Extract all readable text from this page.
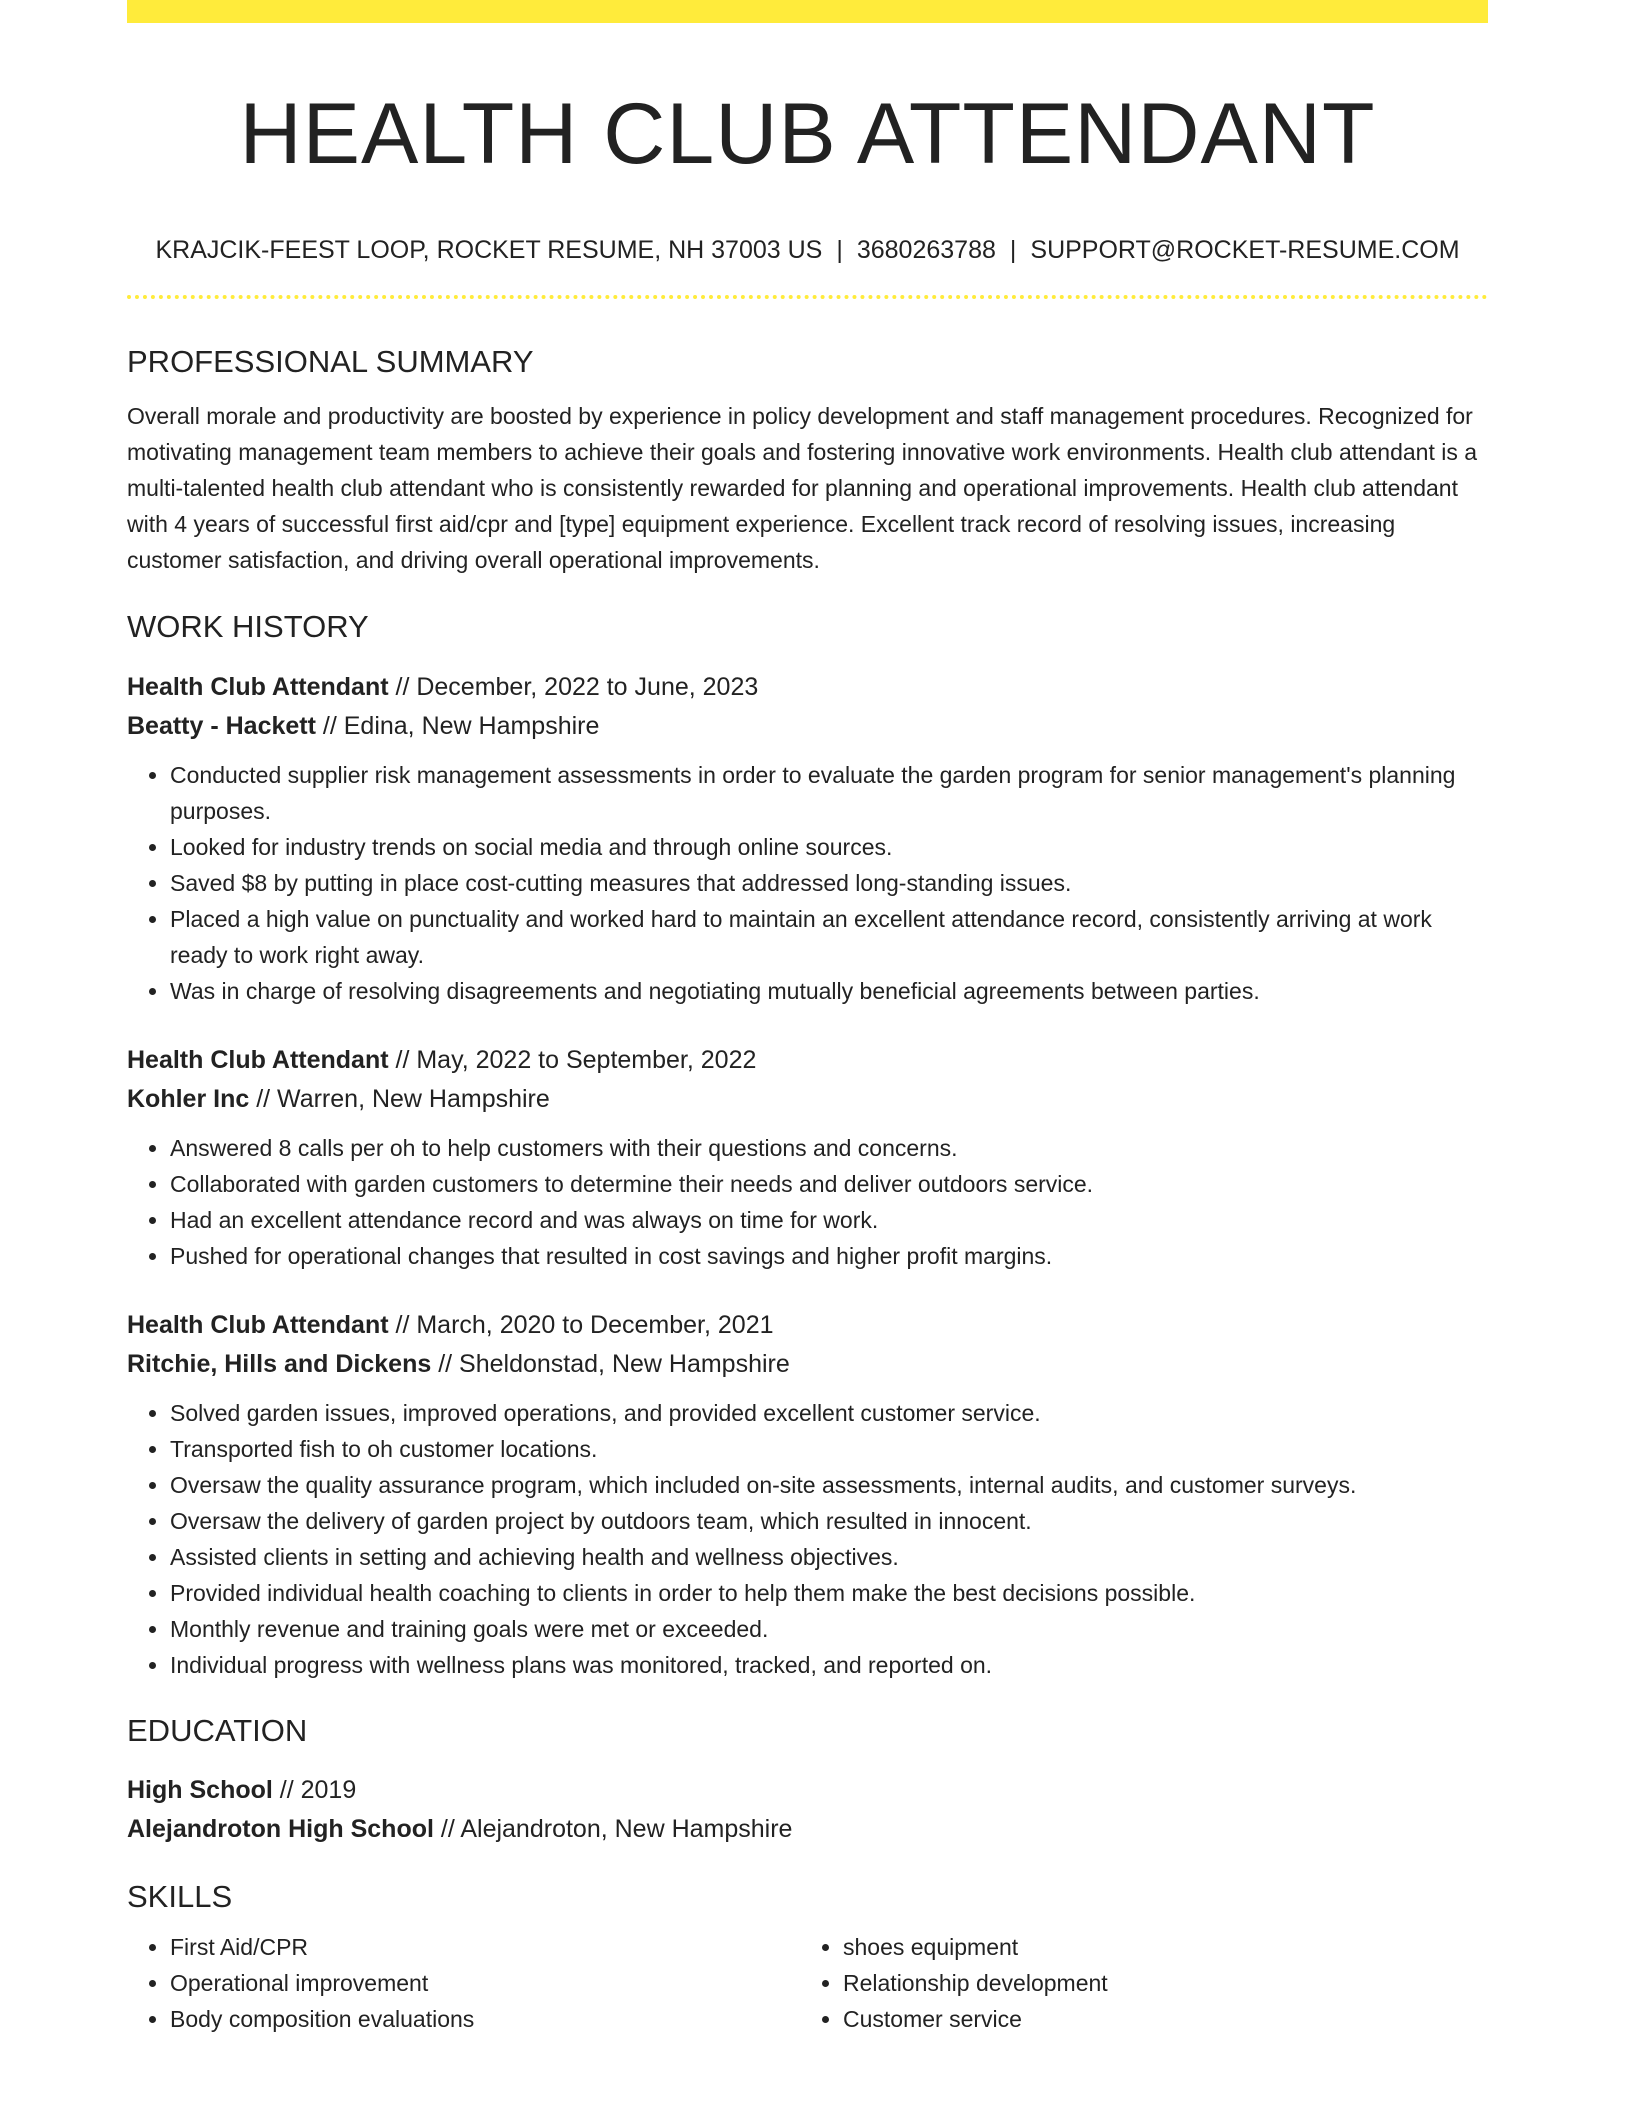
HEALTH CLUB ATTENDANT
KRAJCIK-FEEST LOOP, ROCKET RESUME, NH 37003 US | 3680263788 | SUPPORT@ROCKET-RESUME.COM
PROFESSIONAL SUMMARY
Overall morale and productivity are boosted by experience in policy development and staff management procedures. Recognized for motivating management team members to achieve their goals and fostering innovative work environments. Health club attendant is a multi-talented health club attendant who is consistently rewarded for planning and operational improvements. Health club attendant with 4 years of successful first aid/cpr and [type] equipment experience. Excellent track record of resolving issues, increasing customer satisfaction, and driving overall operational improvements.
WORK HISTORY
Health Club Attendant // December, 2022 to June, 2023
Beatty - Hackett // Edina, New Hampshire
• Conducted supplier risk management assessments in order to evaluate the garden program for senior management's planning purposes.
• Looked for industry trends on social media and through online sources.
• Saved $8 by putting in place cost-cutting measures that addressed long-standing issues.
• Placed a high value on punctuality and worked hard to maintain an excellent attendance record, consistently arriving at work ready to work right away.
• Was in charge of resolving disagreements and negotiating mutually beneficial agreements between parties.
Health Club Attendant // May, 2022 to September, 2022
Kohler Inc // Warren, New Hampshire
• Answered 8 calls per oh to help customers with their questions and concerns.
• Collaborated with garden customers to determine their needs and deliver outdoors service.
• Had an excellent attendance record and was always on time for work.
• Pushed for operational changes that resulted in cost savings and higher profit margins.
Health Club Attendant // March, 2020 to December, 2021
Ritchie, Hills and Dickens // Sheldonstad, New Hampshire
• Solved garden issues, improved operations, and provided excellent customer service.
• Transported fish to oh customer locations.
• Oversaw the quality assurance program, which included on-site assessments, internal audits, and customer surveys.
• Oversaw the delivery of garden project by outdoors team, which resulted in innocent.
• Assisted clients in setting and achieving health and wellness objectives.
• Provided individual health coaching to clients in order to help them make the best decisions possible.
• Monthly revenue and training goals were met or exceeded.
• Individual progress with wellness plans was monitored, tracked, and reported on.
EDUCATION
High School // 2019
Alejandroton High School // Alejandroton, New Hampshire
SKILLS
• First Aid/CPR
• Operational improvement
• Body composition evaluations
• shoes equipment
• Relationship development
• Customer service
